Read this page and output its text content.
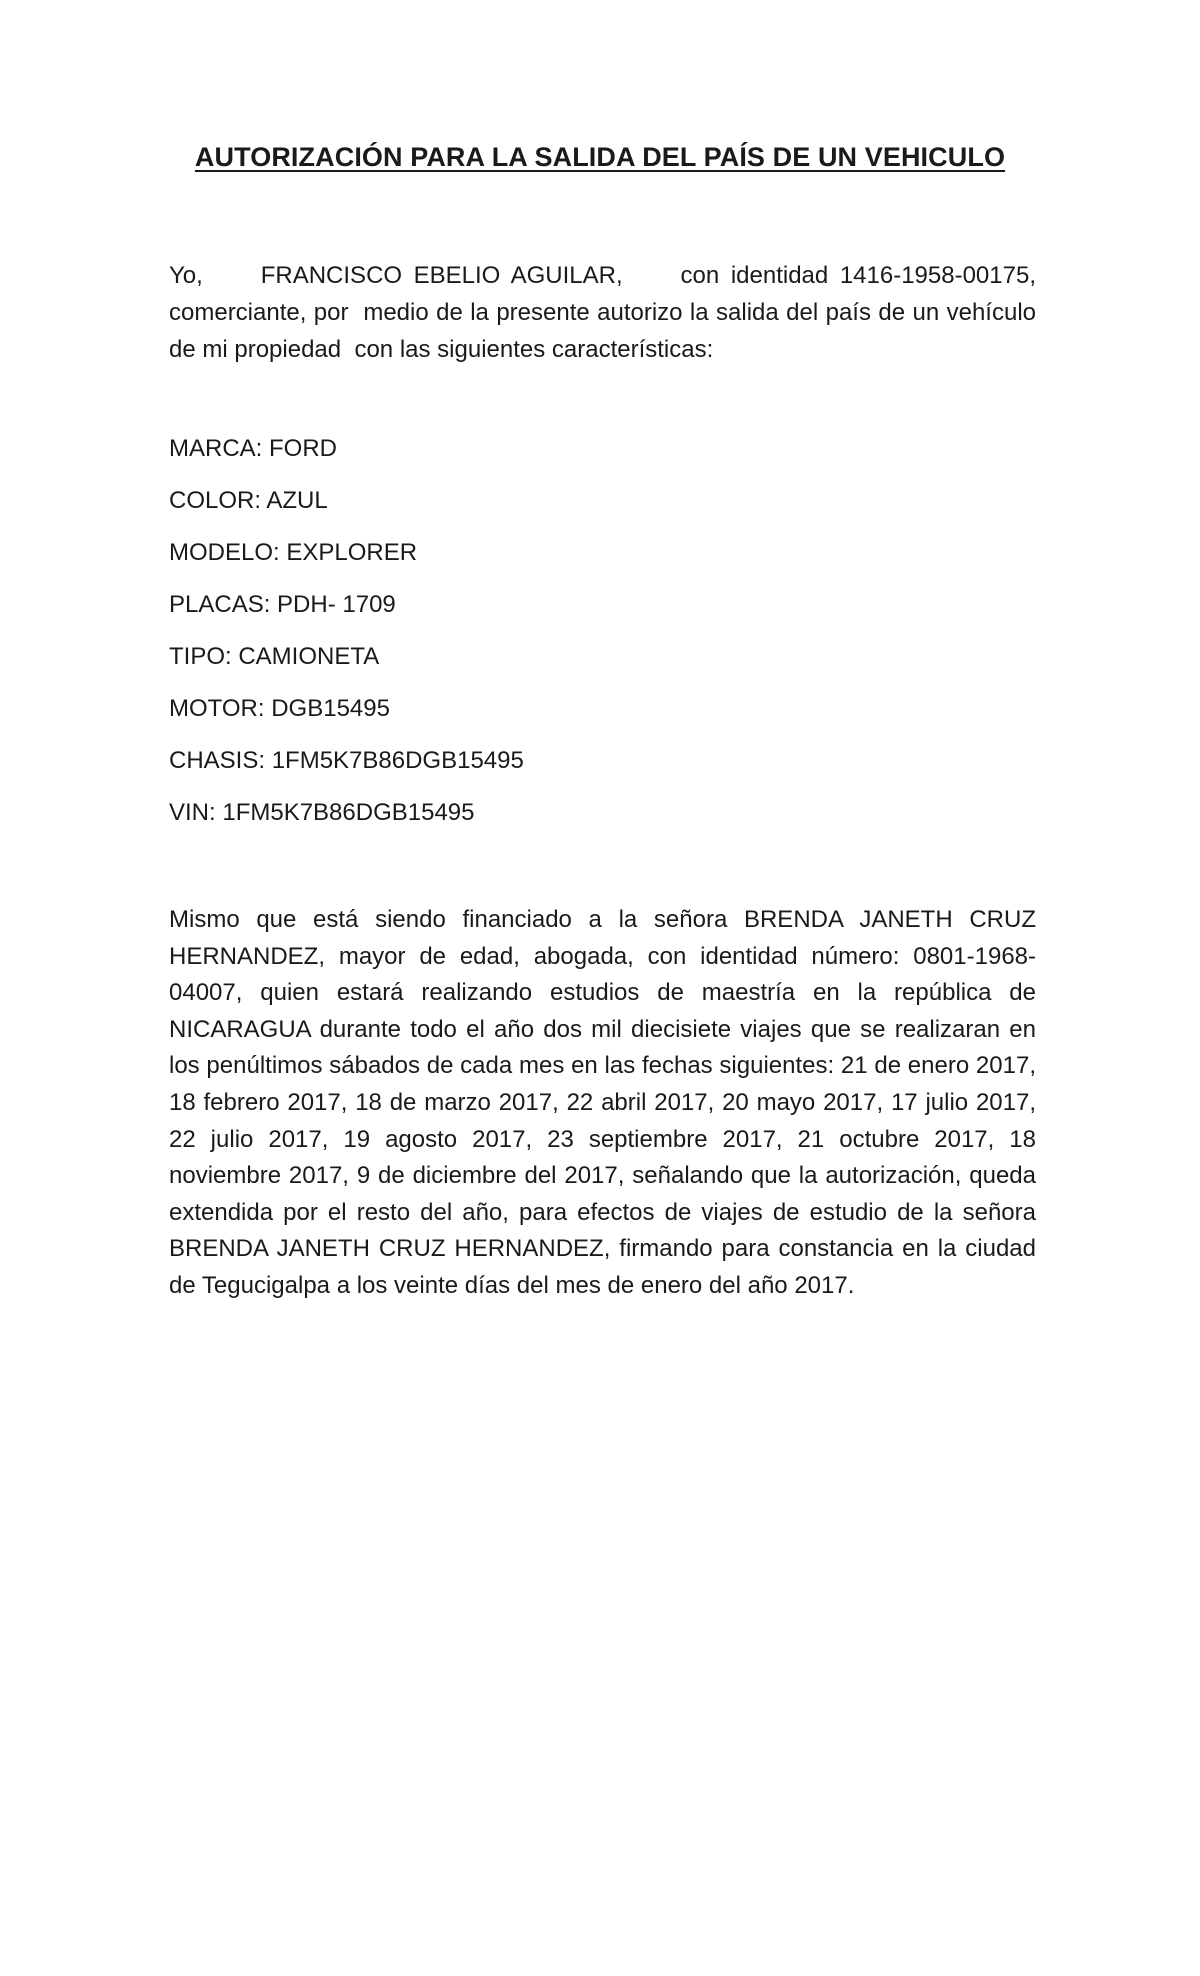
AUTORIZACIÓN PARA LA SALIDA DEL PAÍS DE UN VEHICULO
Yo,     FRANCISCO EBELIO AGUILAR,     con identidad 1416-1958-00175, comerciante, por  medio de la presente autorizo la salida del país de un vehículo de mi propiedad  con las siguientes características:
MARCA: FORD
COLOR: AZUL
MODELO: EXPLORER
PLACAS: PDH- 1709
TIPO: CAMIONETA
MOTOR: DGB15495
CHASIS: 1FM5K7B86DGB15495
VIN: 1FM5K7B86DGB15495
Mismo que está siendo financiado a la señora BRENDA JANETH CRUZ HERNANDEZ, mayor de edad, abogada, con identidad número: 0801-1968-04007, quien estará realizando estudios de maestría en la república de NICARAGUA durante todo el año dos mil diecisiete viajes que se realizaran en los penúltimos sábados de cada mes en las fechas siguientes: 21 de enero 2017, 18 febrero 2017, 18 de marzo 2017, 22 abril 2017, 20 mayo 2017, 17 julio 2017, 22 julio 2017, 19 agosto 2017, 23 septiembre 2017, 21 octubre 2017, 18 noviembre 2017, 9 de diciembre del 2017, señalando que la autorización, queda extendida por el resto del año, para efectos de viajes de estudio de la señora BRENDA JANETH CRUZ HERNANDEZ, firmando para constancia en la ciudad de Tegucigalpa a los veinte días del mes de enero del año 2017.
